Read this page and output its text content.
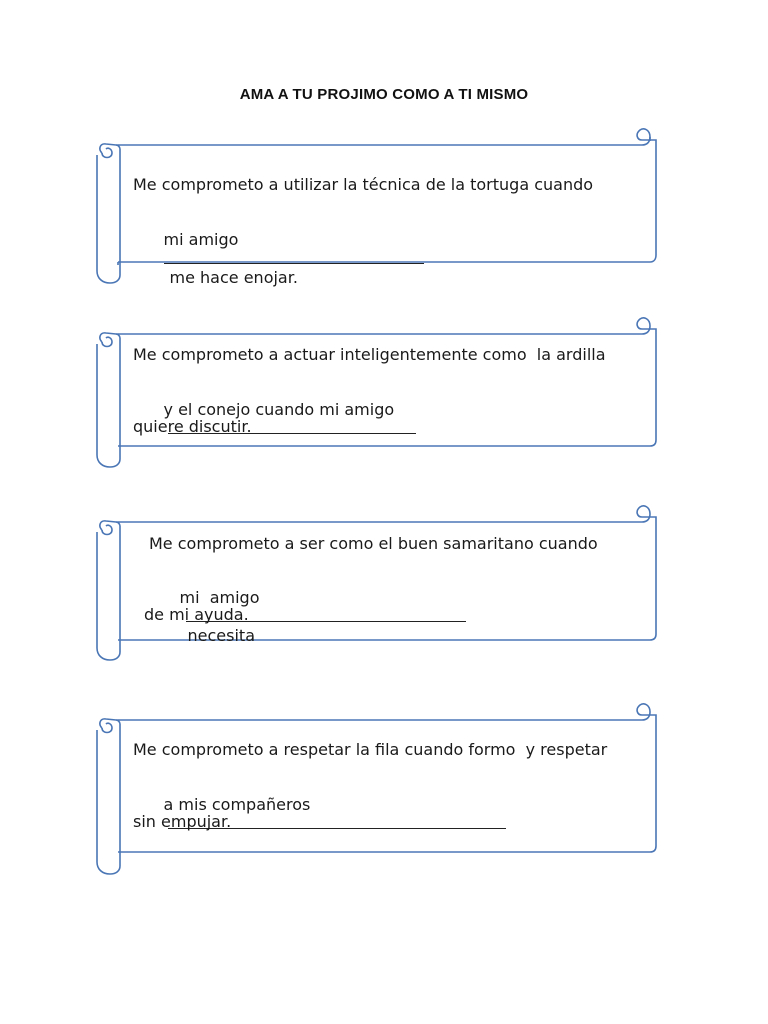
AMA A TU PROJIMO COMO A TI MISMO
Me comprometo a utilizar la técnica de la tortuga cuando

mi amigo

me hace enojar.

Me comprometo a actuar inteligentemente como  la ardilla

y el conejo cuando mi amigo

quiere discutir.
Me comprometo a ser como el buen samaritano cuando

mi  amigo

necesita

de mi ayuda.
Me comprometo a respetar la fila cuando formo  y respetar

a mis compañeros

sin empujar.
